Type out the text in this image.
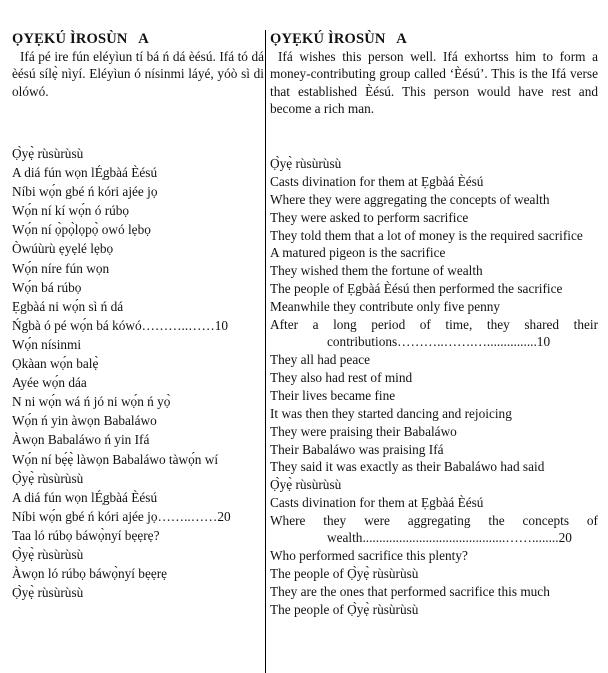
ỌYẸKÚ ÌROSÙN   A

Ifá pé ire fún eléyìun tí bá ń dá èésú. Ifá tó dá èésú sílẹ̀ nìyí. Eléyìun ó nísinmi láyé, yóò sì di olówó.

Ọ̀yẹ̀ rùsùrùsù

A diá fún wọn lÉ̩gbàá Èésú

Níbi wọ́n gbé ń kóri ajée jọ

Wọ́n ní kí wọ́n ó rúbọ

Wọ́n ní ọ̀pọ̀lọpọ̀ owó lẹbọ

Òwúùrù ẹyẹlé lẹbọ

Wọ́n níre fún wọn

Wọ́n bá rúbọ

Ẹgbàá ni wọ́n sì ń dá

Ńgbà ó pé wọ́n bá kówó………..……10

Wọ́n nísinmi

Ọkàan wọ́n balẹ̀

Ayée wọ́n dáa

N ni wọ́n wá ń jó ni wọ́n ń yọ̀

Wọ́n ń yin àwọn Babaláwo

Àwọn Babaláwo ń yin Ifá

Wọ́n ní bẹ́ẹ̀ làwọn Babaláwo tàwọ́n wí

Ọ̀yẹ̀ rùsùrùsù

A diá fún wọn lÉ̩gbàá Èésú

Níbi wọ́n gbé ń kóri ajée jọ……..……20

Taa ló rúbọ báwọ̀nyí bẹẹrẹ?

Ọ̀yẹ̀ rùsùrùsù

Àwọn ló rúbọ báwọ̀nyí bẹẹrẹ

Ọ̀yẹ̀ rùsùrùsù

ỌYẸKÚ ÌROSÙN   A

Ifá wishes this person well. Ifá exhortss him to form a money-contributing group called ‘Èésú’. This is the Ifá verse that established Èésú. This person would have rest and become a rich man.

Ọ̀yẹ̀ rùsùrùsù

Casts divination for them at Ẹgbàá Èésú

Where they were aggregating the concepts of wealth

They were asked to perform sacrifice

They told them that a lot of money is the required sacrifice

A matured pigeon is the sacrifice

They wished them the fortune of wealth

The people of Ẹgbàá Èésú then performed the sacrifice

Meanwhile they contribute only five penny

After a long period of time, they shared their contributions………..…….…...............10

They all had peace

They also had rest of mind

Their lives became fine

It was then they started dancing and rejoicing

They were praising their Babaláwo

Their Babaláwo was praising Ifá

They said it was exactly as their Babaláwo had said

Ọ̀yẹ̀ rùsùrùsù

Casts divination for them at Ẹgbàá Èésú

Where they were aggregating the concepts of wealth...........................................……........20

Who performed sacrifice this plenty?

The people of Ọ̀yẹ̀ rùsùrùsù

They are the ones that performed sacrifice this much

The people of Ọ̀yẹ̀ rùsùrùsù
